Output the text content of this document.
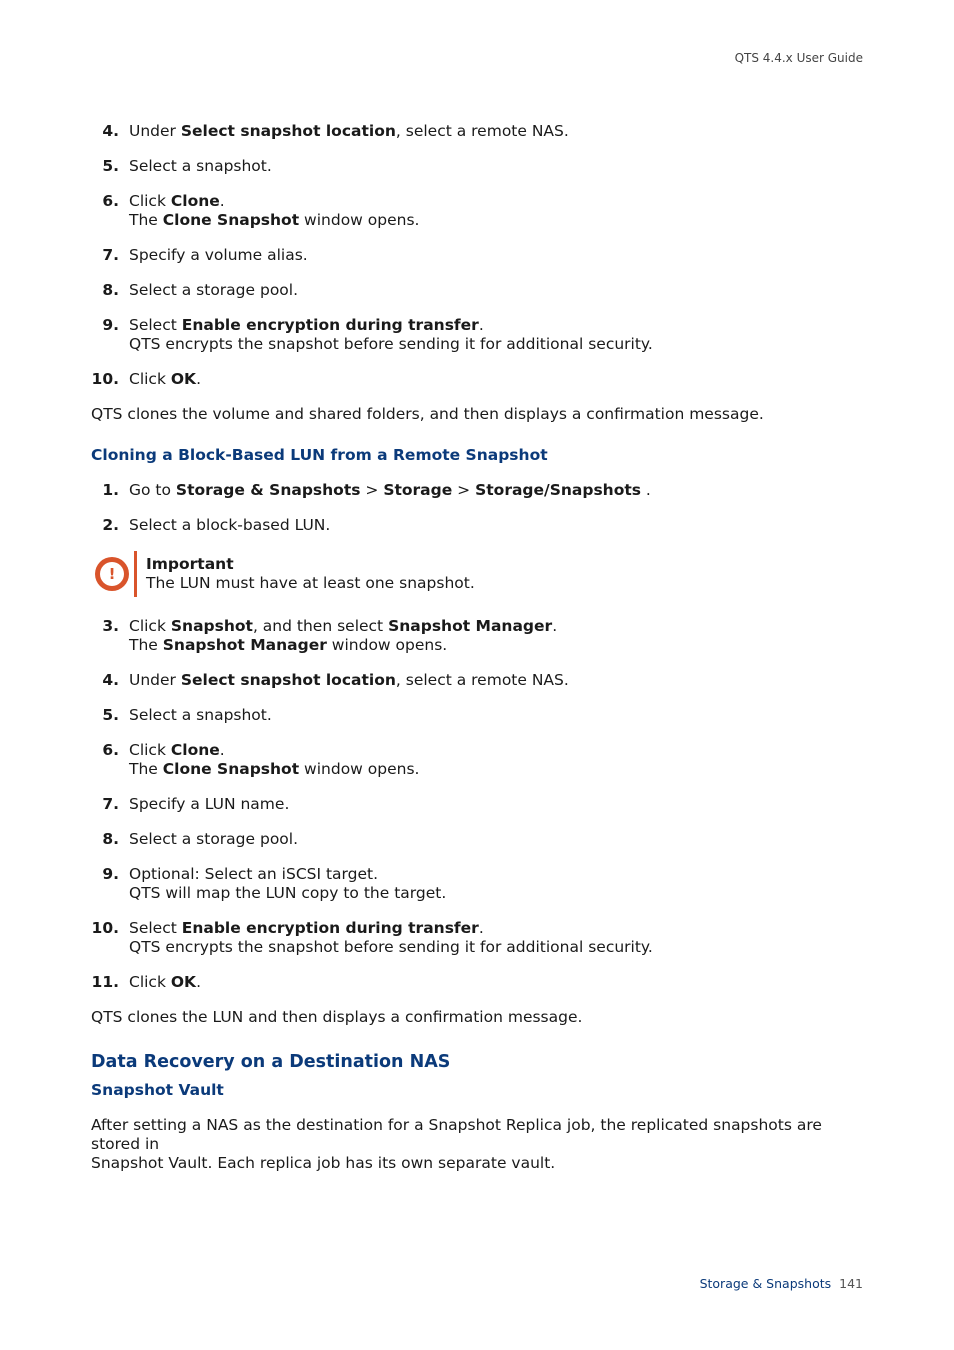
QTS 4.4.x User Guide
4. Under Select snapshot location, select a remote NAS.
5. Select a snapshot.
6. Click Clone.
The Clone Snapshot window opens.
7. Specify a volume alias.
8. Select a storage pool.
9. Select Enable encryption during transfer.
QTS encrypts the snapshot before sending it for additional security.
10. Click OK.

QTS clones the volume and shared folders, and then displays a confirmation message.

Cloning a Block-Based LUN from a Remote Snapshot
1. Go to Storage & Snapshots > Storage > Storage/Snapshots .
2. Select a block-based LUN.
!
Important
The LUN must have at least one snapshot.
3. Click Snapshot, and then select Snapshot Manager.
The Snapshot Manager window opens.
4. Under Select snapshot location, select a remote NAS.
5. Select a snapshot.
6. Click Clone.
The Clone Snapshot window opens.
7. Specify a LUN name.
8. Select a storage pool.
9. Optional: Select an iSCSI target.
QTS will map the LUN copy to the target.
10. Select Enable encryption during transfer.
QTS encrypts the snapshot before sending it for additional security.
11. Click OK.

QTS clones the LUN and then displays a confirmation message.

Data Recovery on a Destination NAS
Snapshot Vault

After setting a NAS as the destination for a Snapshot Replica job, the replicated snapshots are stored in
Snapshot Vault. Each replica job has its own separate vault.

Storage & Snapshots 141
